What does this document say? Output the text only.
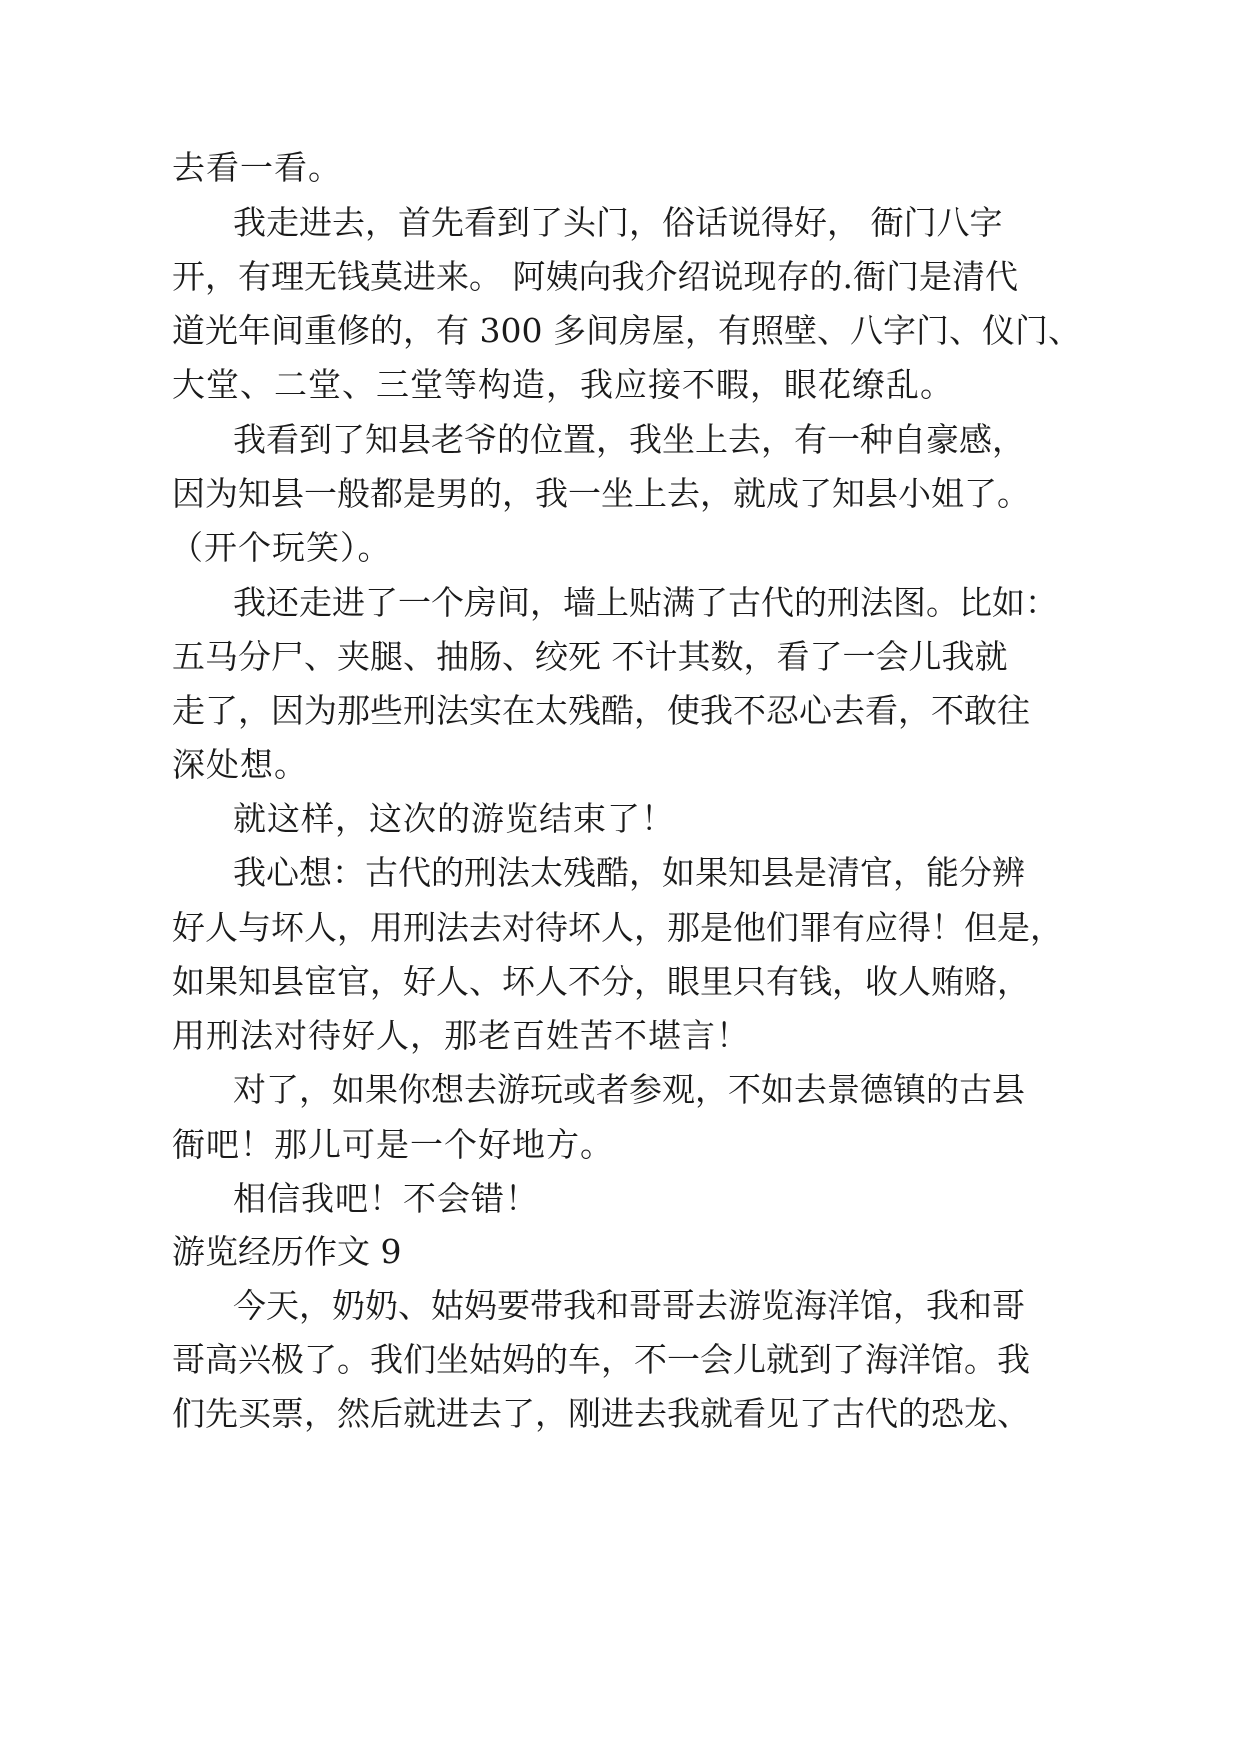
去看一看。
我走进去，首先看到了头门，俗话说得好， 衙门八字
开，有理无钱莫进来。 阿姨向我介绍说现存的.衙门是清代
道光年间重修的，有 300 多间房屋，有照壁、八字门、仪门、
大堂、二堂、三堂等构造，我应接不暇，眼花缭乱。
我看到了知县老爷的位置，我坐上去，有一种自豪感，
因为知县一般都是男的，我一坐上去，就成了知县小姐了。
（开个玩笑）。
我还走进了一个房间，墙上贴满了古代的刑法图。比如：
五马分尸、夹腿、抽肠、绞死 不计其数，看了一会儿我就
走了，因为那些刑法实在太残酷，使我不忍心去看，不敢往
深处想。
就这样，这次的游览结束了！
我心想：古代的刑法太残酷，如果知县是清官，能分辨
好人与坏人，用刑法去对待坏人，那是他们罪有应得！但是，
如果知县宦官，好人、坏人不分，眼里只有钱，收人贿赂，
用刑法对待好人，那老百姓苦不堪言！
对了，如果你想去游玩或者参观，不如去景德镇的古县
衙吧！那儿可是一个好地方。
相信我吧！不会错！
游览经历作文 9
今天，奶奶、姑妈要带我和哥哥去游览海洋馆，我和哥
哥高兴极了。我们坐姑妈的车，不一会儿就到了海洋馆。我
们先买票，然后就进去了，刚进去我就看见了古代的恐龙、
